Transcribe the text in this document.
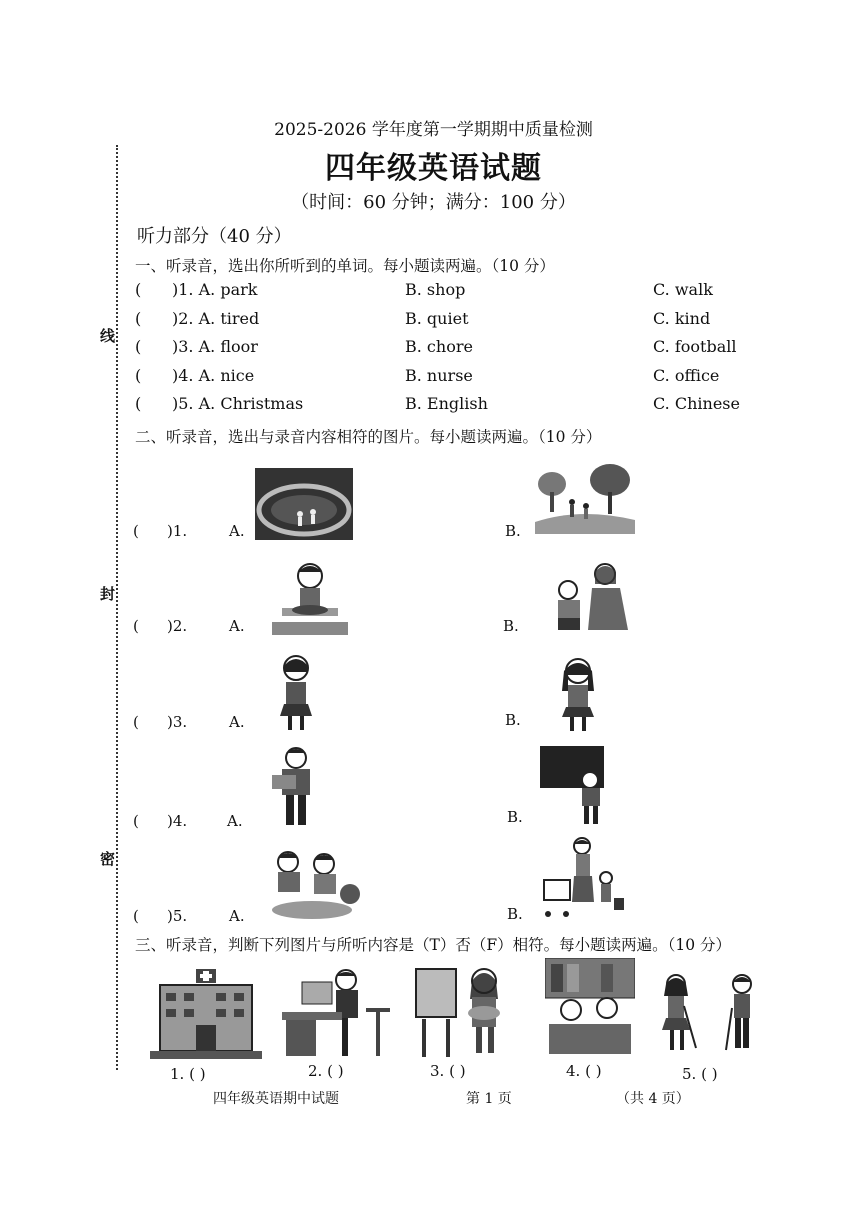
线
封
密
2025-2026 学年度第一学期期中质量检测
四年级英语试题
（时间：60 分钟；满分：100 分）
听力部分（40 分）
一、听录音，选出你所听到的单词。每小题读两遍。（10 分）
( )1. A. park	B. shop	C. walk
( )2. A. tired	B. quiet	C. kind
( )3. A. floor	B. chore	C. football
( )4. A. nice	B. nurse	C. office
( )5. A. Christmas	B. English	C. Chinese
二、听录音，选出与录音内容相符的图片。每小题读两遍。（10 分）
( )1.	A.	B.
( )2.	A.	B.
( )3.	A.	B.
( )4.	A.	B.
( )5.	A.	B.
三、听录音，判断下列图片与所听内容是（T）否（F）相符。每小题读两遍。（10 分）
1. ( )	2. ( )	3. ( )	4. ( )	5. ( )
四年级英语期中试题	第 1 页	（共 4 页）
